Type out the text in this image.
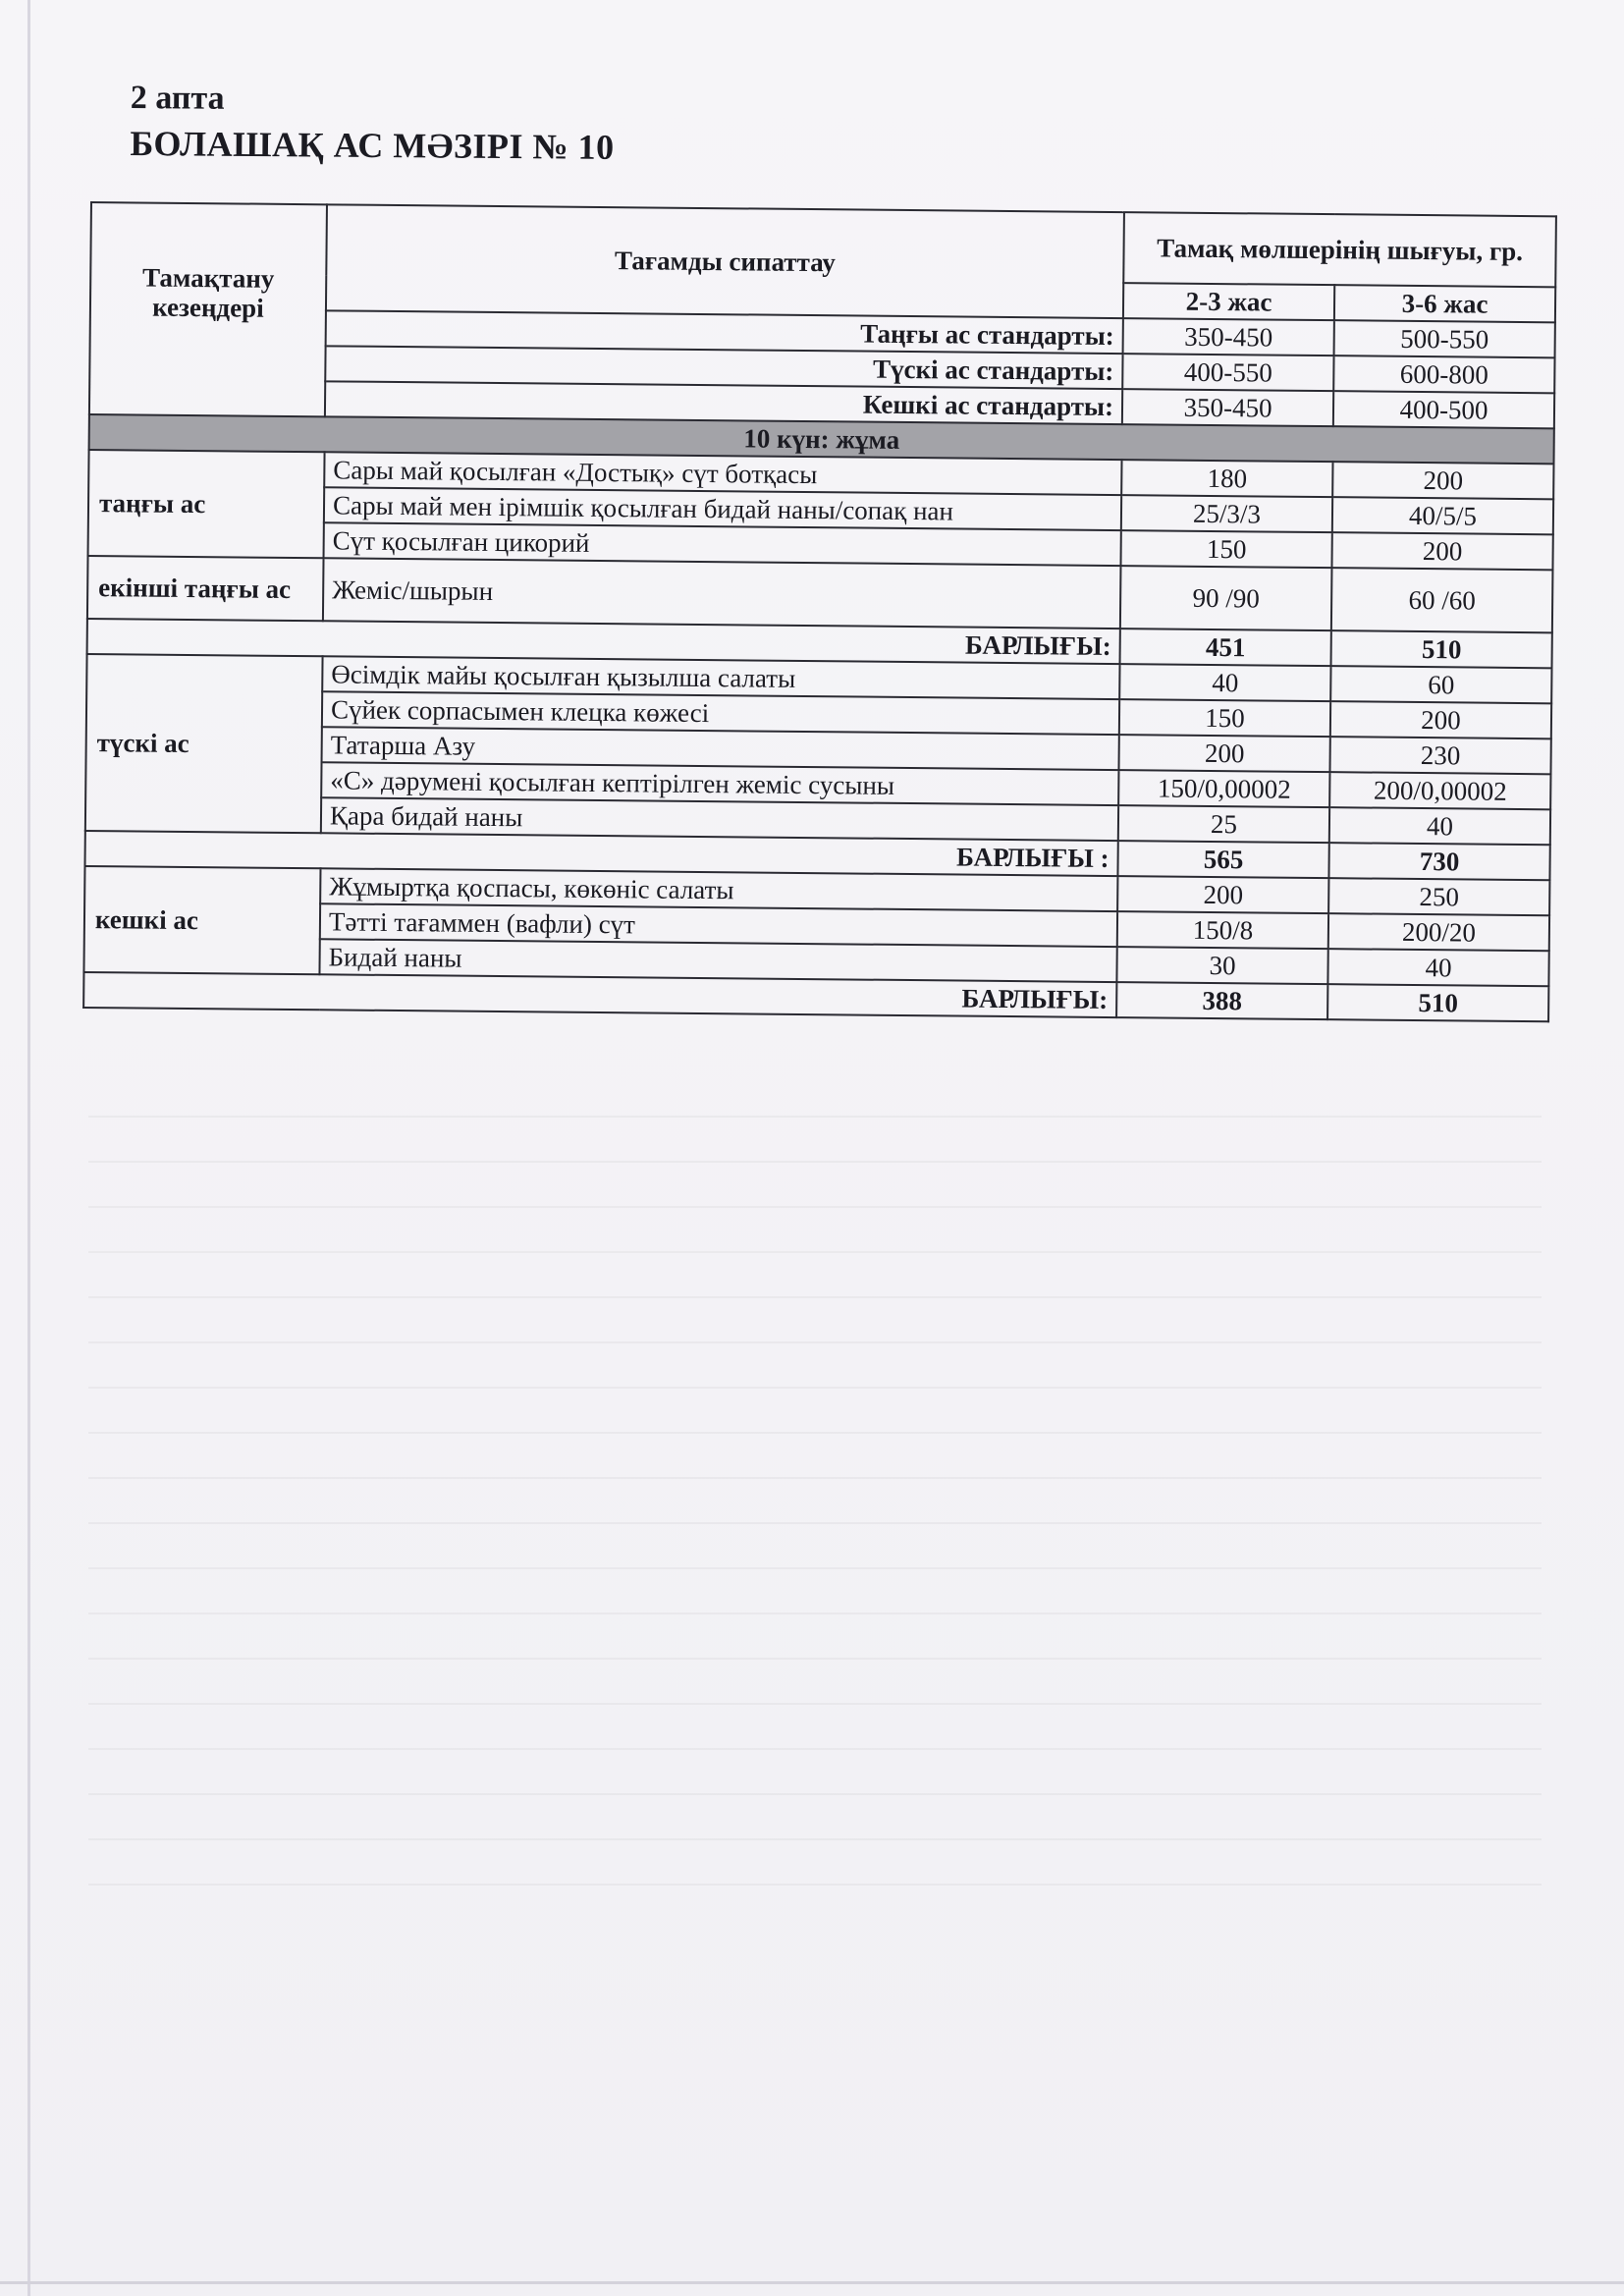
2 апта
БОЛАШАҚ АС МӘЗІРІ № 10
Тамақтану кезеңдері	Тағамды сипаттау	Тамақ мөлшерінің шығуы, гр.	
		2-3 жас	3-6 жас
	Таңғы ас стандарты:	350-450	500-550
	Түскі ас стандарты:	400-550	600-800
	Кешкі ас стандарты:	350-450	400-500
10 күн: жұма			
таңғы ас	Сары май қосылған «Достық» сүт ботқасы	180	200
	Сары май мен ірімшік қосылған бидай наны/сопақ нан	25/3/3	40/5/5
	Сүт қосылған цикорий	150	200
екінші таңғы ас	Жеміс/шырын	90 /90	60 /60
БАРЛЫҒЫ:		451	510
түскі ас	Өсімдік майы қосылған қызылша салаты	40	60
	Сүйек сорпасымен клецка көжесі	150	200
	Татарша Азу	200	230
	«С» дәрумені қосылған кептірілген жеміс сусыны	150/0,00002	200/0,00002
	Қара бидай наны	25	40
БАРЛЫҒЫ :		565	730
кешкі ас	Жұмыртқа қоспасы, көкөніс салаты	200	250
	Тәтті тағаммен (вафли) сүт	150/8	200/20
	Бидай наны	30	40
БАРЛЫҒЫ:		388	510
